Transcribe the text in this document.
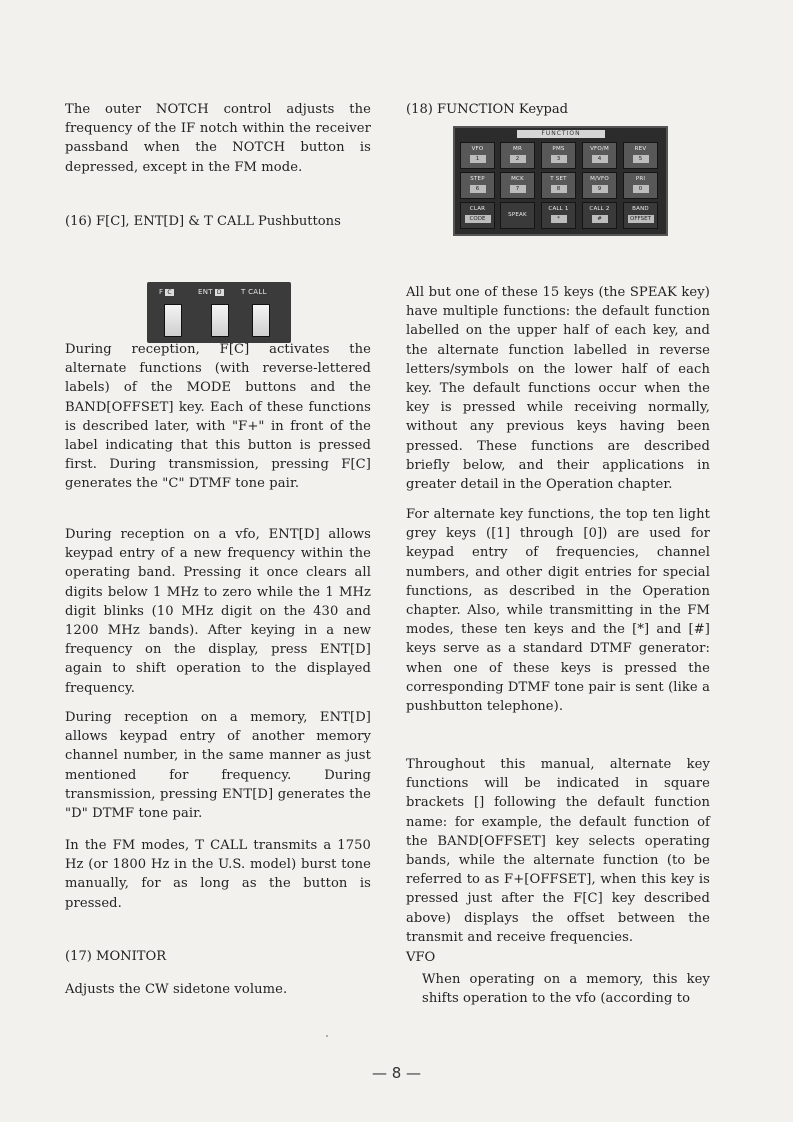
The outer NOTCH control adjusts the frequency of the IF notch within the receiver passband when the NOTCH button is depressed, except in the FM mode.

(16) F[C], ENT[D] & T CALL Pushbuttons

F C	ENT D	T CALL

During reception, F[C] activates the alternate functions (with reverse-lettered labels) of the MODE buttons and the BAND[OFFSET] key. Each of these functions is described later, with "F+" in front of the label indicating that this button is pressed first. During transmission, pressing F[C] generates the "C" DTMF tone pair.

During reception on a vfo, ENT[D] allows keypad entry of a new frequency within the operating band. Pressing it once clears all digits below 1 MHz to zero while the 1 MHz digit blinks (10 MHz digit on the 430 and 1200 MHz bands). After keying in a new frequency on the display, press ENT[D] again to shift operation to the displayed frequency.

During reception on a memory, ENT[D] allows keypad entry of another memory channel number, in the same manner as just mentioned for frequency. During transmission, pressing ENT[D] generates the "D" DTMF tone pair.

In the FM modes, T CALL transmits a 1750 Hz (or 1800 Hz in the U.S. model) burst tone manually, for as long as the button is pressed.

(17) MONITOR

Adjusts the CW sidetone volume.

(18) FUNCTION Keypad

FUNCTION
VFO
1
MR
2
PMS
3
VFO/M
4
REV
5
STEP
6
MCK
7
T SET
8
M/VFO
9
PRI
0
CLAR
CODE
SPEAK
CALL 1
*
CALL 2
#
BAND
OFFSET

All but one of these 15 keys (the SPEAK key) have multiple functions: the default function labelled on the upper half of each key, and the alternate function labelled in reverse letters/symbols on the lower half of each key. The default functions occur when the key is pressed while receiving normally, without any previous keys having been pressed. These functions are described briefly below, and their applications in greater detail in the Operation chapter.

For alternate key functions, the top ten light grey keys ([1] through [0]) are used for keypad entry of frequencies, channel numbers, and other digit entries for special functions, as described in the Operation chapter. Also, while transmitting in the FM modes, these ten keys and the [*] and [#] keys serve as a standard DTMF generator: when one of these keys is pressed the corresponding DTMF tone pair is sent (like a pushbutton telephone).

Throughout this manual, alternate key functions will be indicated in square brackets [] following the default function name: for example, the default function of the BAND[OFFSET] key selects operating bands, while the alternate function (to be referred to as F+[OFFSET], when this key is pressed just after the F[C] key described above) displays the offset between the transmit and receive frequencies.

VFO

When operating on a memory, this key shifts operation to the vfo (according to

— 8 —
